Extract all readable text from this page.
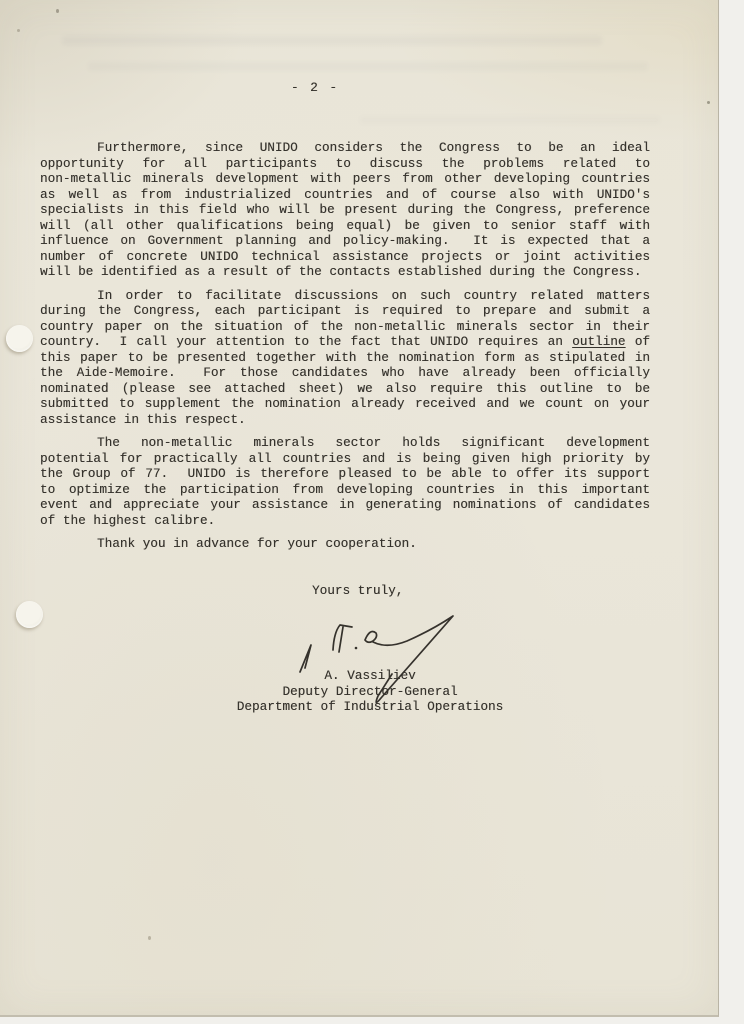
- 2 -
Furthermore, since UNIDO considers the Congress to be an ideal
opportunity for all participants to discuss the problems related to
non-metallic minerals development with peers from other developing countries
as well as from industrialized countries and of course also with UNIDO's
specialists in this field who will be present during the Congress, preference
will (all other qualifications being equal) be given to senior staff with
influence on Government planning and policy-making.  It is expected that a
number of concrete UNIDO technical assistance projects or joint activities
will be identified as a result of the contacts established during the Congress.
In order to facilitate discussions on such country related matters
during the Congress, each participant is required to prepare and submit a
country paper on the situation of the non-metallic minerals sector in their
country.  I call your attention to the fact that UNIDO requires an outline of
this paper to be presented together with the nomination form as stipulated in
the Aide-Memoire.  For those candidates who have already been officially
nominated (please see attached sheet) we also require this outline to be
submitted to supplement the nomination already received and we count on your
assistance in this respect.
The non-metallic minerals sector holds significant development
potential for practically all countries and is being given high priority by
the Group of 77.  UNIDO is therefore pleased to be able to offer its support
to optimize the participation from developing countries in this important
event and appreciate your assistance in generating nominations of candidates
of the highest calibre.
Thank you in advance for your cooperation.
Yours truly,
A. Vassiliev
Deputy Director-General
Department of Industrial Operations
